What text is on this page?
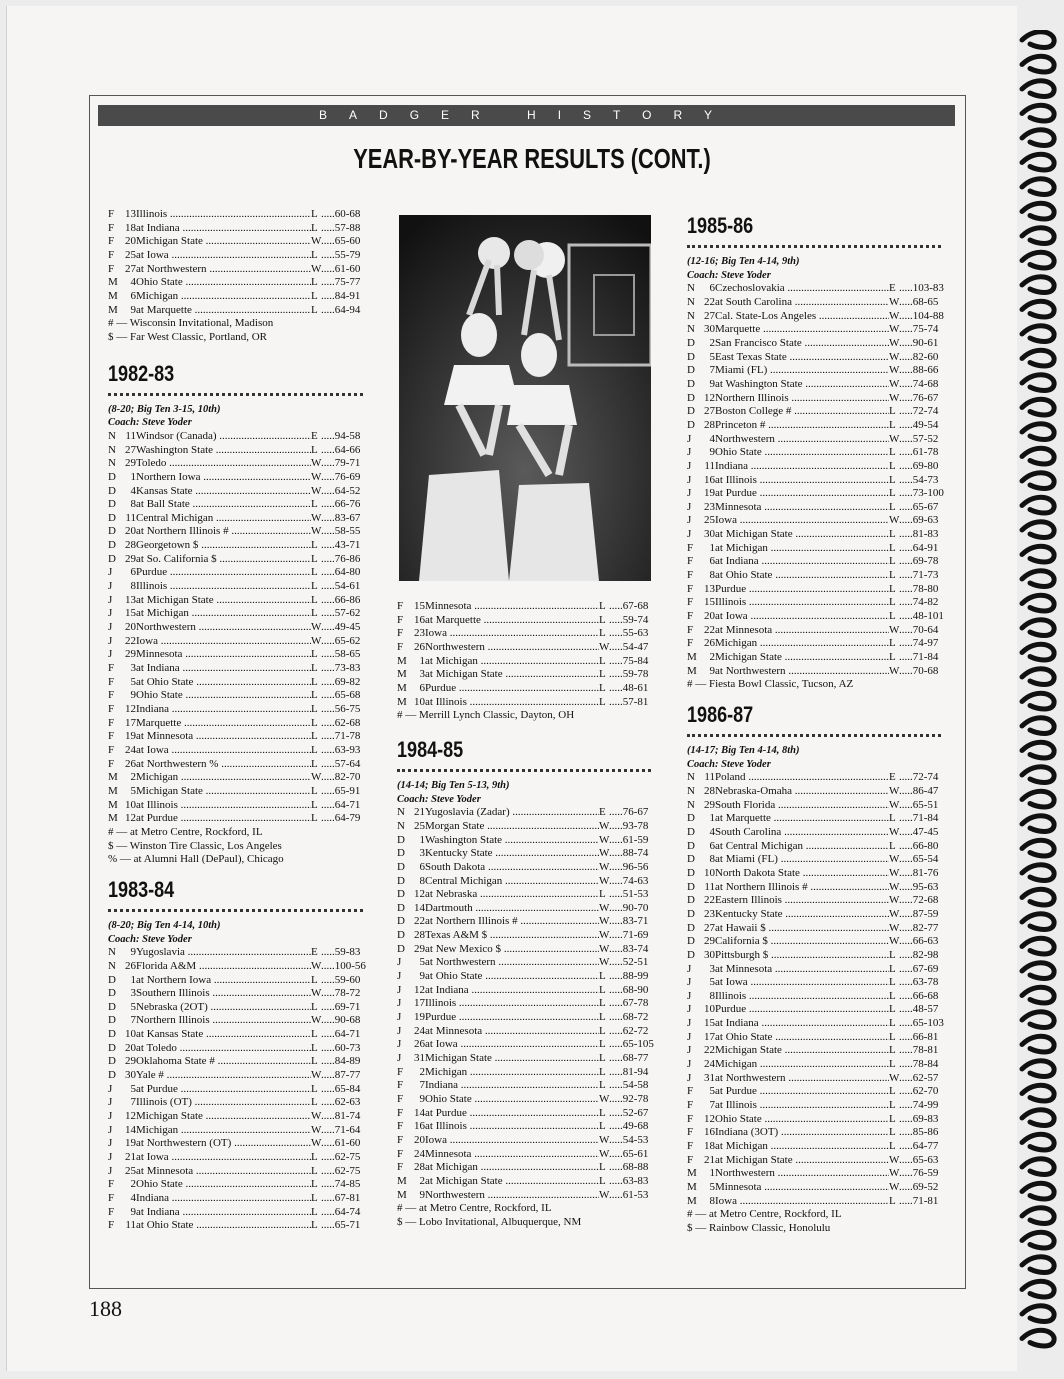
BADGER HISTORY
YEAR-BY-YEAR RESULTS (CONT.)
F 13 Illinois .....	L	..... 60-68
F 18 at Indiana .....	L	..... 57-88
F 20 Michigan State .....	W	..... 65-60
F 25 at Iowa .....	L	..... 55-79
F 27 at Northwestern .....	W	..... 61-60
M	4 Ohio State .....	L	..... 75-77
M	6 Michigan .....	L	..... 84-91
M	9 at Marquette .....	L	..... 64-94
# — Wisconsin Invitational, Madison
$ — Far West Classic, Portland, OR
1982-83
(8-20; Big Ten 3-15, 10th)
Coach: Steve Yoder
N 11 Windsor (Canada) .....	E	..... 94-58
N 27 Washington State .....	L	..... 64-66
N 29 Toledo .....	W	..... 79-71
D	1 Northern Iowa .....	W	..... 76-69
D	4 Kansas State .....	W	..... 64-52
D	8 at Ball State .....	L	..... 66-76
D 11 Central Michigan .....	W	..... 83-67
D 20 at Northern Illinois # .....	W	..... 58-55
D 28 Georgetown $ .....	L	..... 43-71
D 29 at So. California $ .....	L	..... 76-86
J	6 Purdue .....	L	..... 64-80
J	8 Illinois .....	L	..... 54-61
J	13 at Michigan State .....	L	..... 66-86
J	15 at Michigan .....	L	..... 57-62
J	20 Northwestern .....	W	..... 49-45
J	22 Iowa .....	W	..... 65-62
J	29 Minnesota .....	L	..... 58-65
F	3 at Indiana .....	L	..... 73-83
F	5 at Ohio State .....	L	..... 69-82
F	9 Ohio State .....	L	..... 65-68
F 12 Indiana .....	L	..... 56-75
F 17 Marquette .....	L	..... 62-68
F 19 at Minnesota .....	L	..... 71-78
F 24 at Iowa .....	L	..... 63-93
F 26 at Northwestern % .....	L	..... 57-64
M	2 Michigan .....	W	..... 82-70
M	5 Michigan State .....	L	..... 65-91
M 10 at Illinois .....	L	..... 64-71
M 12 at Purdue .....	L	..... 64-79
# — at Metro Centre, Rockford, IL
$ — Winston Tire Classic, Los Angeles
% — at Alumni Hall (DePaul), Chicago
1983-84
(8-20; Big Ten 4-14, 10th)
Coach: Steve Yoder
N	9 Yugoslavia .....	E	..... 59-83
N 26 Florida A&M .....	W	..... 100-56
D	1 at Northern Iowa .....	L	..... 59-60
D	3 Southern Illinois .....	W	..... 78-72
D	5 Nebraska (2OT) .....	L	..... 69-71
D	7 Northern Illinois .....	W	..... 90-68
D 10 at Kansas State .....	L	..... 64-71
D 20 at Toledo .....	L	..... 60-73
D 29 Oklahoma State # .....	L	..... 84-89
D 30 Yale # .....	W	..... 87-77
J	5 at Purdue .....	L	..... 65-84
J	7 Illinois (OT) .....	L	..... 62-63
J	12 Michigan State .....	W	..... 81-74
J	14 Michigan .....	W	..... 71-64
J	19 at Northwestern (OT) .....	W	..... 61-60
J	21 at Iowa .....	L	..... 62-75
J	25 at Minnesota .....	L	..... 62-75
F	2 Ohio State .....	L	..... 74-85
F	4 Indiana .....	L	..... 67-81
F	9 at Indiana .....	L	..... 64-74
F	11 at Ohio State .....	L	..... 65-71
F 15 Minnesota .....	L	..... 67-68
F 16 at Marquette .....	L	..... 59-74
F 23 Iowa .....	L	..... 55-63
F 26 Northwestern .....	W	..... 54-47
M	1 at Michigan .....	L	..... 75-84
M	3 at Michigan State .....	L	..... 59-78
M	6 Purdue .....	L	..... 48-61
M 10 at Illinois .....	L	..... 57-81
# — Merrill Lynch Classic, Dayton, OH
1984-85
(14-14; Big Ten 5-13, 9th)
Coach: Steve Yoder
N 21 Yugoslavia (Zadar) .....	E	..... 76-67
N 25 Morgan State .....	W	..... 93-78
D	1 Washington State .....	W	..... 61-59
D	3 Kentucky State .....	W	..... 88-74
D	6 South Dakota .....	W	..... 96-56
D	8 Central Michigan .....	W	..... 74-63
D 12 at Nebraska .....	L	..... 51-53
D 14 Dartmouth .....	W	..... 90-70
D 22 at Northern Illinois # .....	W	..... 83-71
D 28 Texas A&M $ .....	W	..... 71-69
D 29 at New Mexico $ .....	W	..... 83-74
J	5 at Northwestern .....	W	..... 52-51
J	9 at Ohio State .....	L	..... 88-99
J	12 at Indiana .....	L	..... 68-90
J	17 Illinois .....	L	..... 67-78
J	19 Purdue .....	L	..... 68-72
J	24 at Minnesota .....	L	..... 62-72
J	26 at Iowa .....	L	..... 65-105
J	31 Michigan State .....	L	..... 68-77
F	2 Michigan .....	L	..... 81-94
F	7 Indiana .....	L	..... 54-58
F	9 Ohio State .....	W	..... 92-78
F 14 at Purdue .....	L	..... 52-67
F 16 at Illinois .....	L	..... 49-68
F 20 Iowa .....	W	..... 54-53
F 24 Minnesota .....	W	..... 65-61
F 28 at Michigan .....	L	..... 68-88
M	2 at Michigan State .....	L	..... 63-83
M	9 Northwestern .....	W	..... 61-53
# — at Metro Centre, Rockford, IL
$ — Lobo Invitational, Albuquerque, NM
1985-86
(12-16; Big Ten 4-14, 9th)
Coach: Steve Yoder
N	6 Czechoslovakia .....	E	..... 103-83
N 22 at South Carolina .....	W	..... 68-65
N 27 Cal. State-Los Angeles .....	W	..... 104-88
N 30 Marquette .....	W	..... 75-74
D	2 San Francisco State .....	W	..... 90-61
D	5 East Texas State .....	W	..... 82-60
D	7 Miami (FL) .....	W	..... 88-66
D	9 at Washington State .....	W	..... 74-68
D 12 Northern Illinois .....	W	..... 76-67
D 27 Boston College # .....	L	..... 72-74
D 28 Princeton # .....	L	..... 49-54
J	4 Northwestern .....	W	..... 57-52
J	9 Ohio State .....	L	..... 61-78
J	11 Indiana .....	L	..... 69-80
J	16 at Illinois .....	L	..... 54-73
J	19 at Purdue .....	L	..... 73-100
J	23 Minnesota .....	L	..... 65-67
J	25 Iowa .....	W	..... 69-63
J	30 at Michigan State .....	L	..... 81-83
F	1 at Michigan .....	L	..... 64-91
F	6 at Indiana .....	L	..... 69-78
F	8 at Ohio State .....	L	..... 71-73
F 13 Purdue .....	L	..... 78-80
F 15 Illinois .....	L	..... 74-82
F 20 at Iowa .....	L	..... 48-101
F 22 at Minnesota .....	W	..... 70-64
F 26 Michigan .....	L	..... 74-97
M	2 Michigan State .....	L	..... 71-84
M	9 at Northwestern .....	W	..... 70-68
# — Fiesta Bowl Classic, Tucson, AZ
1986-87
(14-17; Big Ten 4-14, 8th)
Coach: Steve Yoder
N 11 Poland .....	E	..... 72-74
N 28 Nebraska-Omaha .....	W	..... 86-47
N 29 South Florida .....	W	..... 65-51
D	1 at Marquette .....	L	..... 71-84
D	4 South Carolina .....	W	..... 47-45
D	6 at Central Michigan .....	L	..... 66-80
D	8 at Miami (FL) .....	W	..... 65-54
D 10 North Dakota State .....	W	..... 81-76
D 11 at Northern Illinois # .....	W	..... 95-63
D 22 Eastern Illinois .....	W	..... 72-68
D 23 Kentucky State .....	W	..... 87-59
D 27 at Hawaii $ .....	W	..... 82-77
D 29 California $ .....	W	..... 66-63
D 30 Pittsburgh $ .....	L	..... 82-98
J	3 at Minnesota .....	L	..... 67-69
J	5 at Iowa .....	L	..... 63-78
J	8 Illinois .....	L	..... 66-68
J	10 Purdue .....	L	..... 48-57
J	15 at Indiana .....	L	..... 65-103
J	17 at Ohio State .....	L	..... 66-81
J	22 Michigan State .....	L	..... 78-81
J	24 Michigan .....	L	..... 78-84
J	31 at Northwestern .....	W	..... 62-57
F	5 at Purdue .....	L	..... 62-70
F	7 at Illinois .....	L	..... 74-99
F 12 Ohio State .....	L	..... 69-83
F 16 Indiana (3OT) .....	L	..... 85-86
F 18 at Michigan .....	L	..... 64-77
F 21 at Michigan State .....	W	..... 65-63
M	1 Northwestern .....	W	..... 76-59
M	5 Minnesota .....	W	..... 69-52
M	8 Iowa .....	L	..... 71-81
# — at Metro Centre, Rockford, IL
$ — Rainbow Classic, Honolulu
188
